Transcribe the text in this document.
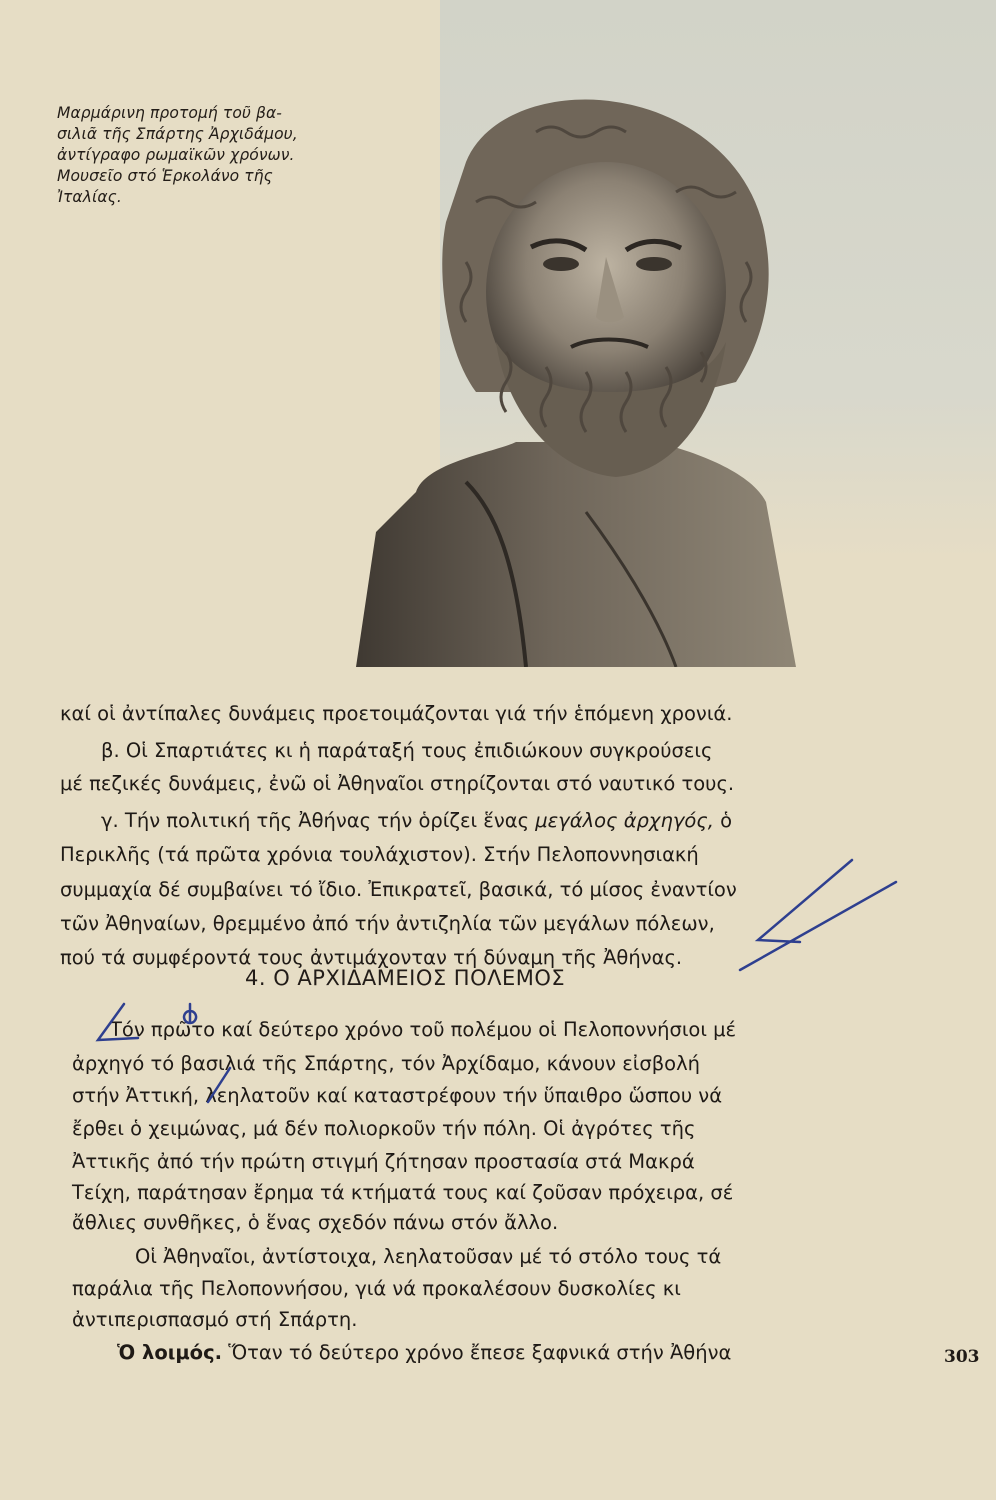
Μαρμάρινη προτομή τοῦ βα-
σιλιᾶ τῆς Σπάρτης Ἀρχιδάμου,
ἀντίγραφο ρωμαϊκῶν χρόνων.
Μουσεῖο στό Ἑρκολάνο τῆς
Ἰταλίας.
καί οἱ ἀντίπαλες δυνάμεις προετοιμάζονται γιά τήν ἑπόμενη χρονιά.
β. Οἱ Σπαρτιάτες κι ἡ παράταξή τους ἐπιδιώκουν συγκρούσεις
μέ πεζικές δυνάμεις, ἐνῶ οἱ Ἀθηναῖοι στηρίζονται στό ναυτικό τους.
γ. Τήν πολιτική τῆς Ἀθήνας τήν ὁρίζει ἕνας μεγάλος ἀρχηγός, ὁ
Περικλῆς (τά πρῶτα χρόνια τουλάχιστον). Στήν Πελοποννησιακή
συμμαχία δέ συμβαίνει τό ἴδιο. Ἐπικρατεῖ, βασικά, τό μίσος ἐναντίον
τῶν Ἀθηναίων, θρεμμένο ἀπό τήν ἀντιζηλία τῶν μεγάλων πόλεων,
πού τά συμφέροντά τους ἀντιμάχονταν τή δύναμη τῆς Ἀθήνας.
4. Ο ΑΡΧΙΔΑΜΕΙΟΣ ΠΟΛΕΜΟΣ
Τόν πρῶτο καί δεύτερο χρόνο τοῦ πολέμου οἱ Πελοποννήσιοι μέ
ἀρχηγό τό βασιλιά τῆς Σπάρτης, τόν Ἀρχίδαμο, κάνουν εἰσβολή
στήν Ἀττική, λεηλατοῦν καί καταστρέφουν τήν ὕπαιθρο ὥσπου νά
ἔρθει ὁ χειμώνας, μά δέν πολιορκοῦν τήν πόλη. Οἱ ἀγρότες τῆς
Ἀττικῆς ἀπό τήν πρώτη στιγμή ζήτησαν προστασία στά Μακρά
Τείχη, παράτησαν ἔρημα τά κτήματά τους καί ζοῦσαν πρόχειρα, σέ
ἄθλιες συνθῆκες, ὁ ἕνας σχεδόν πάνω στόν ἄλλο.
Οἱ Ἀθηναῖοι, ἀντίστοιχα, λεηλατοῦσαν μέ τό στόλο τους τά
παράλια τῆς Πελοποννήσου, γιά νά προκαλέσουν δυσκολίες κι
ἀντιπερισπασμό στή Σπάρτη.
Ὁ λοιμός. Ὅταν τό δεύτερο χρόνο ἔπεσε ξαφνικά στήν Ἀθήνα	303
